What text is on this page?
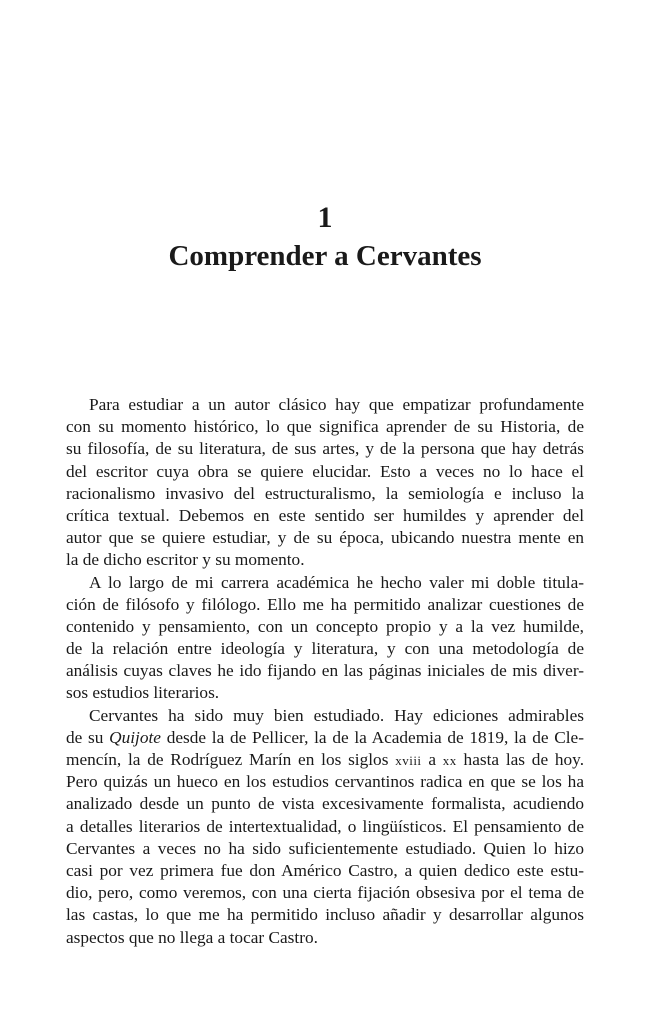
1
Comprender a Cervantes
Para estudiar a un autor clásico hay que empatizar profundamente
con su momento histórico, lo que significa aprender de su Historia, de
su filosofía, de su literatura, de sus artes, y de la persona que hay detrás
del escritor cuya obra se quiere elucidar. Esto a veces no lo hace el
racionalismo invasivo del estructuralismo, la semiología e incluso la
crítica textual. Debemos en este sentido ser humildes y aprender del
autor que se quiere estudiar, y de su época, ubicando nuestra mente en
la de dicho escritor y su momento.
A lo largo de mi carrera académica he hecho valer mi doble titula-
ción de filósofo y filólogo. Ello me ha permitido analizar cuestiones de
contenido y pensamiento, con un concepto propio y a la vez humilde,
de la relación entre ideología y literatura, y con una metodología de
análisis cuyas claves he ido fijando en las páginas iniciales de mis diver-
sos estudios literarios.
Cervantes ha sido muy bien estudiado. Hay ediciones admirables
de su Quijote desde la de Pellicer, la de la Academia de 1819, la de Cle-
mencín, la de Rodríguez Marín en los siglos xviii a xx hasta las de hoy.
Pero quizás un hueco en los estudios cervantinos radica en que se los ha
analizado desde un punto de vista excesivamente formalista, acudiendo
a detalles literarios de intertextualidad, o lingüísticos. El pensamiento de
Cervantes a veces no ha sido suficientemente estudiado. Quien lo hizo
casi por vez primera fue don Américo Castro, a quien dedico este estu-
dio, pero, como veremos, con una cierta fijación obsesiva por el tema de
las castas, lo que me ha permitido incluso añadir y desarrollar algunos
aspectos que no llega a tocar Castro.
